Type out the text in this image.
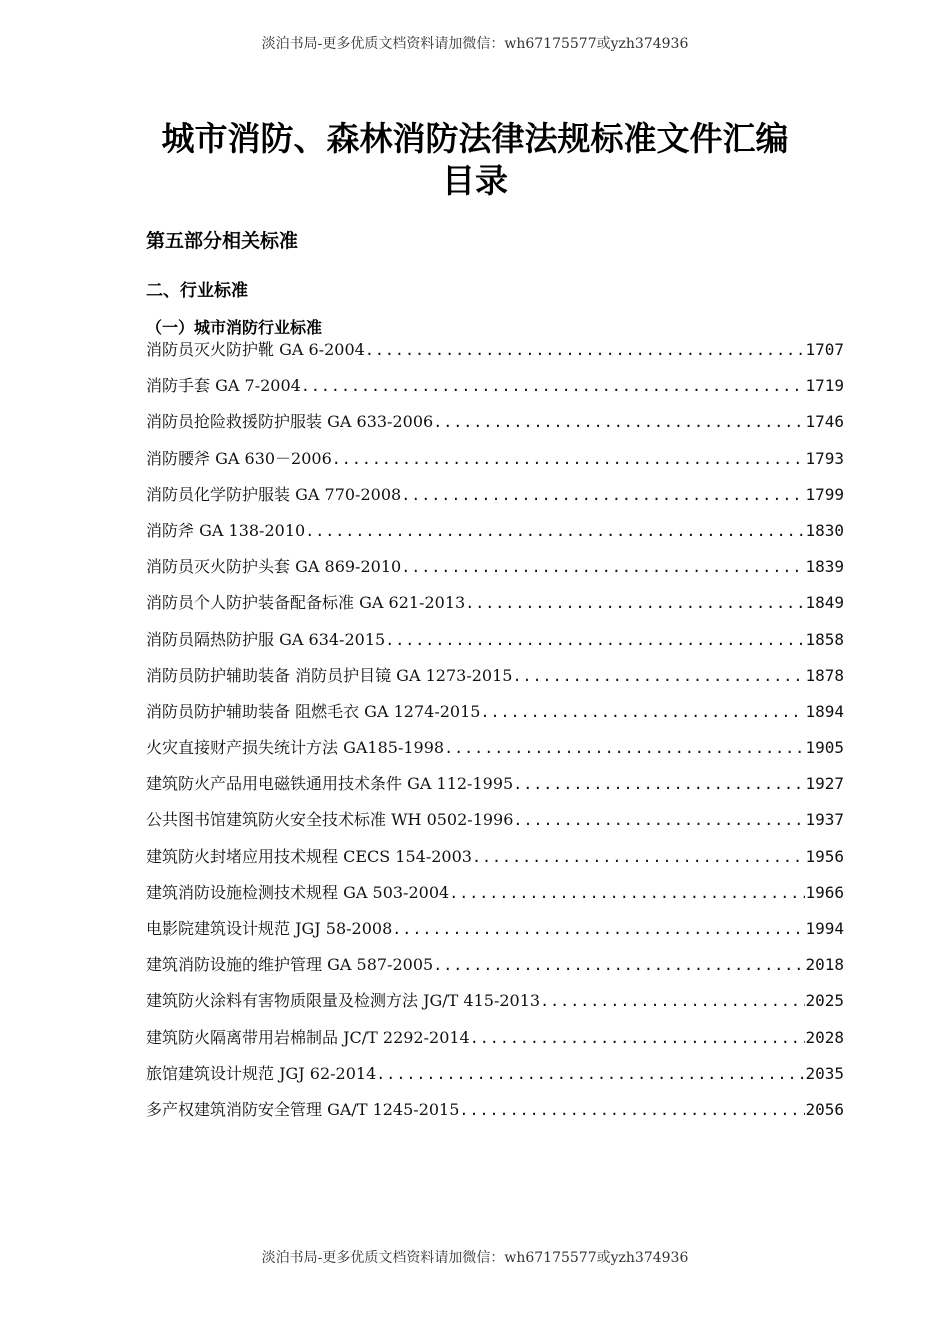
淡泊书局-更多优质文档资料请加微信：wh67175577或yzh374936
城市消防、森林消防法律法规标准文件汇编
目录
第五部分相关标准
二、行业标准
（一）城市消防行业标准
消防员灭火防护靴 GA 6-2004 .....	1707
消防手套 GA 7-2004 .....	1719
消防员抢险救援防护服装 GA 633-2006 .....	1746
消防腰斧 GA 630－2006 .....	1793
消防员化学防护服装 GA 770-2008 .....	1799
消防斧 GA 138-2010 .....	1830
消防员灭火防护头套 GA 869-2010 .....	1839
消防员个人防护装备配备标准 GA 621-2013 .....	1849
消防员隔热防护服 GA 634-2015 .....	1858
消防员防护辅助装备 消防员护目镜 GA 1273-2015 .....	1878
消防员防护辅助装备 阻燃毛衣 GA 1274-2015 .....	1894
火灾直接财产损失统计方法 GA185-1998 .....	1905
建筑防火产品用电磁铁通用技术条件 GA 112-1995 .....	1927
公共图书馆建筑防火安全技术标准 WH 0502-1996 .....	1937
建筑防火封堵应用技术规程 CECS 154-2003 .....	1956
建筑消防设施检测技术规程 GA 503-2004 .....	1966
电影院建筑设计规范 JGJ 58-2008 .....	1994
建筑消防设施的维护管理 GA 587-2005 .....	2018
建筑防火涂料有害物质限量及检测方法 JG/T 415-2013 .....	2025
建筑防火隔离带用岩棉制品 JC/T 2292-2014 .....	2028
旅馆建筑设计规范 JGJ 62-2014 .....	2035
多产权建筑消防安全管理 GA/T 1245-2015 .....	2056
淡泊书局-更多优质文档资料请加微信：wh67175577或yzh374936
